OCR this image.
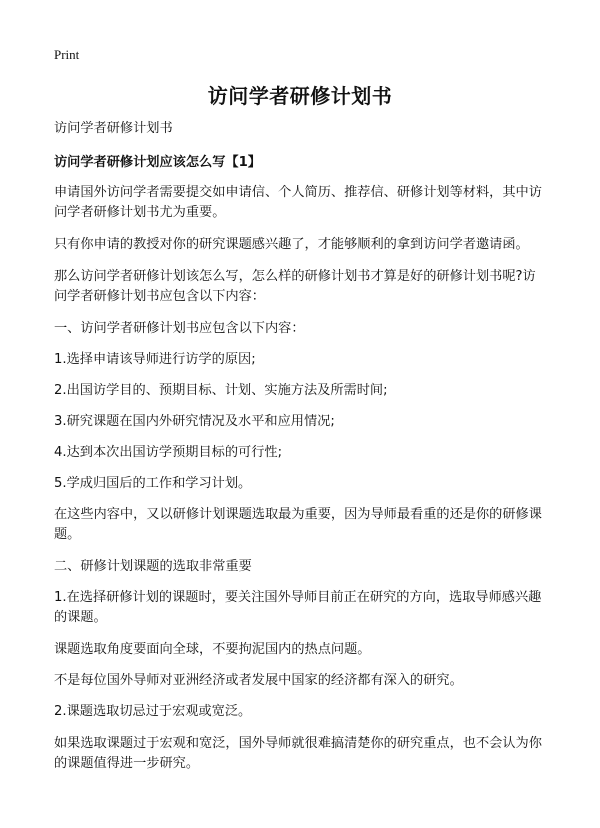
Print
访问学者研修计划书

访问学者研修计划书

访问学者研修计划应该怎么写【1】

申请国外访问学者需要提交如申请信、个人简历、推荐信、研修计划等材料，其中访问学者研修计划书尤为重要。

只有你申请的教授对你的研究课题感兴趣了，才能够顺利的拿到访问学者邀请函。

那么访问学者研修计划该怎么写，怎么样的研修计划书才算是好的研修计划书呢?访问学者研修计划书应包含以下内容：

一、访问学者研修计划书应包含以下内容：

1.选择申请该导师进行访学的原因;

2.出国访学目的、预期目标、计划、实施方法及所需时间;

3.研究课题在国内外研究情况及水平和应用情况;

4.达到本次出国访学预期目标的可行性;

5.学成归国后的工作和学习计划。

在这些内容中，又以研修计划课题选取最为重要，因为导师最看重的还是你的研修课题。

二、研修计划课题的选取非常重要

1.在选择研修计划的课题时，要关注国外导师目前正在研究的方向，选取导师感兴趣的课题。

课题选取角度要面向全球，不要拘泥国内的热点问题。

不是每位国外导师对亚洲经济或者发展中国家的经济都有深入的研究。

2.课题选取切忌过于宏观或宽泛。

如果选取课题过于宏观和宽泛，国外导师就很难搞清楚你的研究重点，也不会认为你的课题值得进一步研究。
